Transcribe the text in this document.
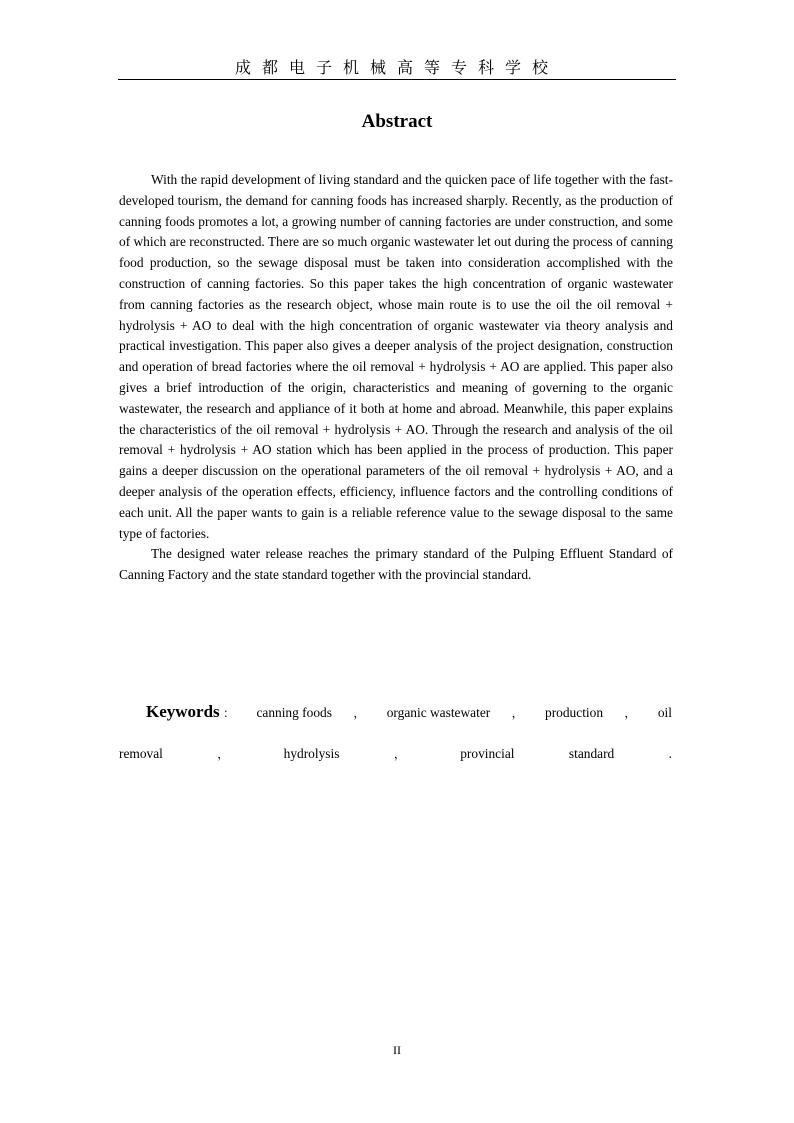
成都电子机械高等专科学校
Abstract

With the rapid development of living standard and the quicken pace of life together with the fast-developed tourism, the demand for canning foods has increased sharply. Recently, as the production of canning foods promotes a lot, a growing number of canning factories are under construction, and some of which are reconstructed. There are so much organic wastewater let out during the process of canning food production, so the sewage disposal must be taken into consideration accomplished with the construction of canning factories. So this paper takes the high concentration of organic wastewater from canning factories as the research object, whose main route is to use the oil the oil removal + hydrolysis + AO to deal with the high concentration of organic wastewater via theory analysis and practical investigation. This paper also gives a deeper analysis of the project designation, construction and operation of bread factories where the oil removal + hydrolysis + AO are applied. This paper also gives a brief introduction of the origin, characteristics and meaning of governing to the organic wastewater, the research and appliance of it both at home and abroad. Meanwhile, this paper explains the characteristics of the oil removal + hydrolysis + AO. Through the research and analysis of the oil removal + hydrolysis + AO station which has been applied in the process of production. This paper gains a deeper discussion on the operational parameters of the oil removal + hydrolysis + AO, and a deeper analysis of the operation effects, efficiency, influence factors and the controlling conditions of each unit. All the paper wants to gain is a reliable reference value to the sewage disposal to the same type of factories.

The designed water release reaches the primary standard of the Pulping Effluent Standard of Canning Factory and the state standard together with the provincial standard.

Keywords ： canning foods ， organic wastewater ， production ， oil
removal	，	hydrolysis	，	provincial	standard	.
II
